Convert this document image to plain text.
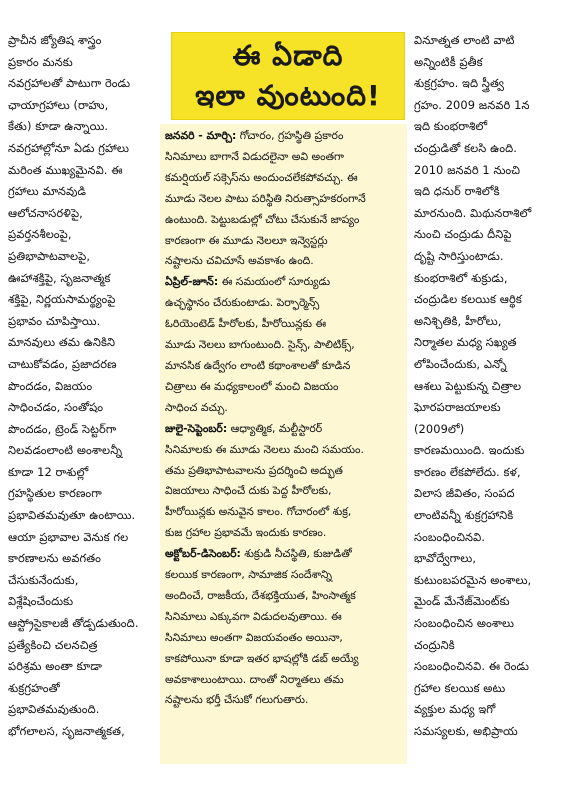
ప్రాచీన జ్యోతిష శాస్త్రం
ప్రకారం మనకు
నవగ్రహాలతో పాటుగా రెండు
ఛాయాగ్రహాలు (రాహు,
కేతు) కూడా ఉన్నాయి.
నవగ్రహాల్లోనూ ఏడు గ్రహాలు
మరింత ముఖ్యమైనవి. ఈ
గ్రహాలు మానవుడి
ఆలోచనాసరళిపై,
ప్రవర్తనశీలంపై,
ప్రతిభాపాటవాలపై,
ఊహాశక్తిపై, సృజనాత్మక
శక్తిపై, నిర్ణయసామర్థ్యంపై
ప్రభావం చూపిస్తాయి.
మానవులు తమ ఉనికిని
చాటుకోవడం, ప్రజాదరణ
పొందడం, విజయం
సాధించడం, సంతోషం
పొందడం, ట్రెండ్ సెట్టర్‌గా
నిలవడంలాంటి అంశాలన్నీ
కూడా 12 రాశుల్లో
గ్రహస్థితుల కారణంగా
ప్రభావితమవుతూ ఉంటాయి.
ఆయా ప్రభావాల వెనుక గల
కారణాలను అవగతం
చేసుకునేందుకు,
విశ్లేషించేందుకు
ఆస్ట్రోసైకాలజీ తోడ్పడుతుంది.
ప్రత్యేకించి చలనచిత్ర
పరిశ్రమ అంతా కూడా
శుక్రగ్రహంతో
ప్రభావితమవుతుంది.
భోగలాలస, సృజనాత్మకత,
ఈ ఏడాది
ఇలా వుంటుంది!
జనవరి - మార్చి: గోచారం, గ్రహస్థితి ప్రకారం
సినిమాలు బాగానే విడుదలైనా అవి అంతగా
కమర్షియల్ సక్సెస్‌ను అందుంచలేకపోవచ్చు. ఈ
మూడు నెలల పాటు పరిస్థితి నిరుత్సాహకరంగానే
ఉంటుంది. పెట్టుబడుల్లో చోటు చేసుకునే జాప్యం
కారణంగా ఈ మూడు నెలలూ ఇన్వెస్టర్లు
నష్టాలను చవిచూసే అవకాశం ఉంది.
ఏప్రిల్-జూన్: ఈ సమయంలో సూర్యుడు
ఉచ్ఛస్థానం చేరుకుంటాడు. పెర్ఫార్మెన్స్
ఓరియెంటెడ్ హీరోలకు, హీరోయిన్లకు ఈ
మూడు నెలలు బాగుంటుంది. సైన్స్, పాలిటిక్స్,
మానసిక ఉద్వేగం లాంటి కథాంశాలతో కూడిన
చిత్రాలు ఈ మధ్యకాలంలో మంచి విజయం
సాధించ వచ్చు.
జులై-సెప్టెంబర్: ఆధ్యాత్మిక, మల్టీస్టారర్
సినిమాలకు ఈ మూడు నెలలు మంచి సమయం.
తమ ప్రతిభాపాటవాలను ప్రదర్శించి అద్భుత
విజయాలు సాధించే దుకు పెద్ద హీరోలకు,
హీరోయిన్లకు అనువైన కాలం. గోచారంలో శుక్ర,
కుజ గ్రహాల ప్రభావమే ఇందుకు కారణం.
అక్టోబర్-డిసెంబర్: శుక్రుడి నీచస్థితి, కుజుడితో
కలయిక కారణంగా, సామాజిక సందేశాన్ని
అందించే, రాజకీయ, దేశభక్తియుత, హింసాత్మక
సినిమాలు ఎక్కువగా విడుదలవుతాయి. ఈ
సినిమాలు అంతగా విజయవంతం అయినా,
కాకపోయినా కూడా ఇతర భాషల్లోకి డబ్ అయ్యే
అవకాశాలుంటాయి. దాంతో నిర్మాతలు తమ
నష్టాలను భర్తీ చేసుకో గలుగుతారు.
వినూత్నత లాంటి వాటి
అన్నింటికీ ప్రతీక
శుక్రగ్రహం. ఇది స్త్రీత్వ
గ్రహం. 2009 జనవరి 1న
ఇది కుంభరాశిలో
చంద్రుడితో కలసి ఉంది.
2010 జనవరి 1 నుంచి
ఇది ధనుర్ రాశిలోకి
మారనుంది. మిథునరాశిలో
నుంచి చంద్రుడు దీనిపై
దృష్టి సారిస్తుంటాడు.
కుంభరాశిలో శుక్రుడు,
చంద్రుడిల కలయిక ఆర్థిక
అనిశ్చితికి, హీరోలు,
నిర్మాతల మధ్య సఖ్యత
లోపించేందుకు, ఎన్నో
ఆశలు పెట్టుకున్న చిత్రాల
ఘోరపరాజయాలకు
(2009లో)
కారణమయింది. ఇందుకు
కారణం లేకపోలేదు. కళ,
విలాస జీవితం, సంపద
లాంటివన్నీ శుక్రగ్రహానికి
సంబంధించినవి.
భావోద్వేగాలు,
కుటుంబపరమైన అంశాలు,
మైండ్ మేనేజ్‌మెంట్‌కు
సంబంధించిన అంశాలు
చంద్రునికి
సంబంధించినవి. ఈ రెండు
గ్రహాల కలయిక అటు
వ్యక్తుల మధ్య ఇగో
సమస్యలకు, అభిప్రాయ
